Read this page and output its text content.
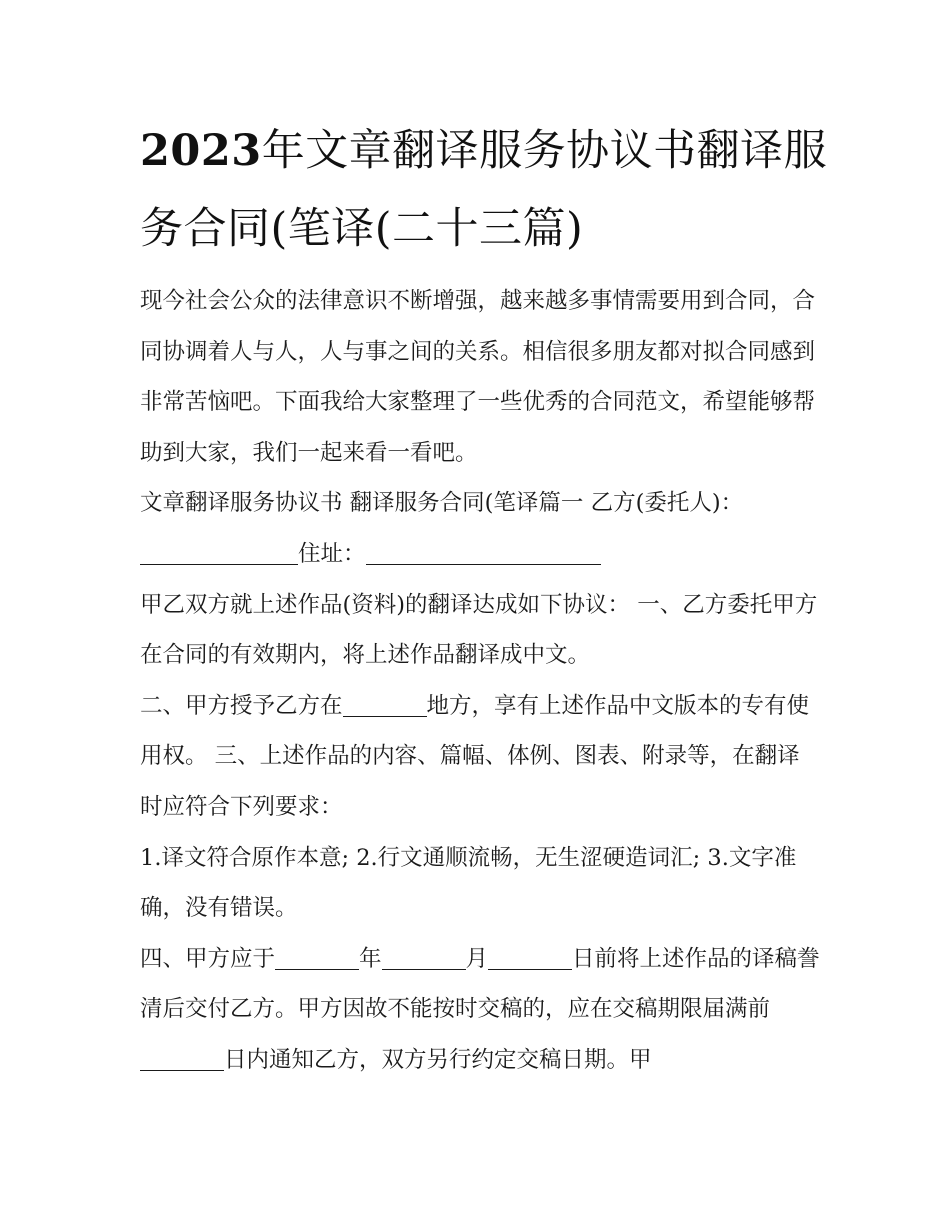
2023年文章翻译服务协议书翻译服务合同(笔译(二十三篇)

现今社会公众的法律意识不断增强，越来越多事情需要用到合同，合同协调着人与人，人与事之间的关系。相信很多朋友都对拟合同感到非常苦恼吧。下面我给大家整理了一些优秀的合同范文，希望能够帮助到大家，我们一起来看一看吧。

文章翻译服务协议书 翻译服务合同(笔译篇一 乙方(委托人)：住址：

甲乙双方就上述作品(资料)的翻译达成如下协议： 一、乙方委托甲方在合同的有效期内，将上述作品翻译成中文。

二、甲方授予乙方在	地方，享有上述作品中文版本的专有使用权。 三、上述作品的内容、篇幅、体例、图表、附录等，在翻译时应符合下列要求：

1.译文符合原作本意; 2.行文通顺流畅，无生涩硬造词汇; 3.文字准确，没有错误。

四、甲方应于	年	月	日前将上述作品的译稿誊清后交付乙方。甲方因故不能按时交稿的，应在交稿期限届满前日内通知乙方，双方另行约定交稿日期。甲
